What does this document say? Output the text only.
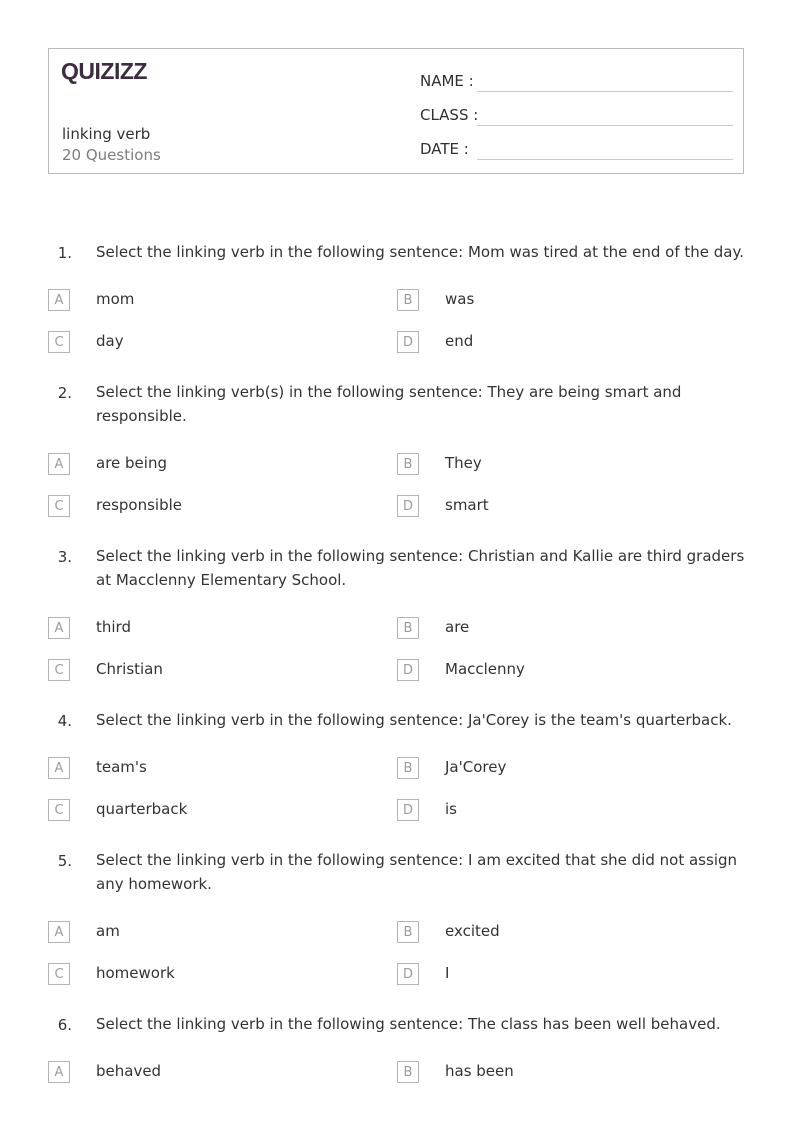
QUIZIZZ
linking verb
20 Questions
NAME :
CLASS :
DATE :
1. Select the linking verb in the following sentence: Mom was tired at the end of the day.
A	mom	B	was
C	day	D	end
2. Select the linking verb(s) in the following sentence: They are being smart and responsible.
A	are being	B	They
C	responsible	D	smart
3. Select the linking verb in the following sentence: Christian and Kallie are third graders at Macclenny Elementary School.
A	third	B	are
C	Christian	D	Macclenny
4. Select the linking verb in the following sentence: Ja'Corey is the team's quarterback.
A	team's	B	Ja'Corey
C	quarterback	D	is
5. Select the linking verb in the following sentence: I am excited that she did not assign any homework.
A	am	B	excited
C	homework	D	I
6. Select the linking verb in the following sentence: The class has been well behaved.
A	behaved	B	has been
